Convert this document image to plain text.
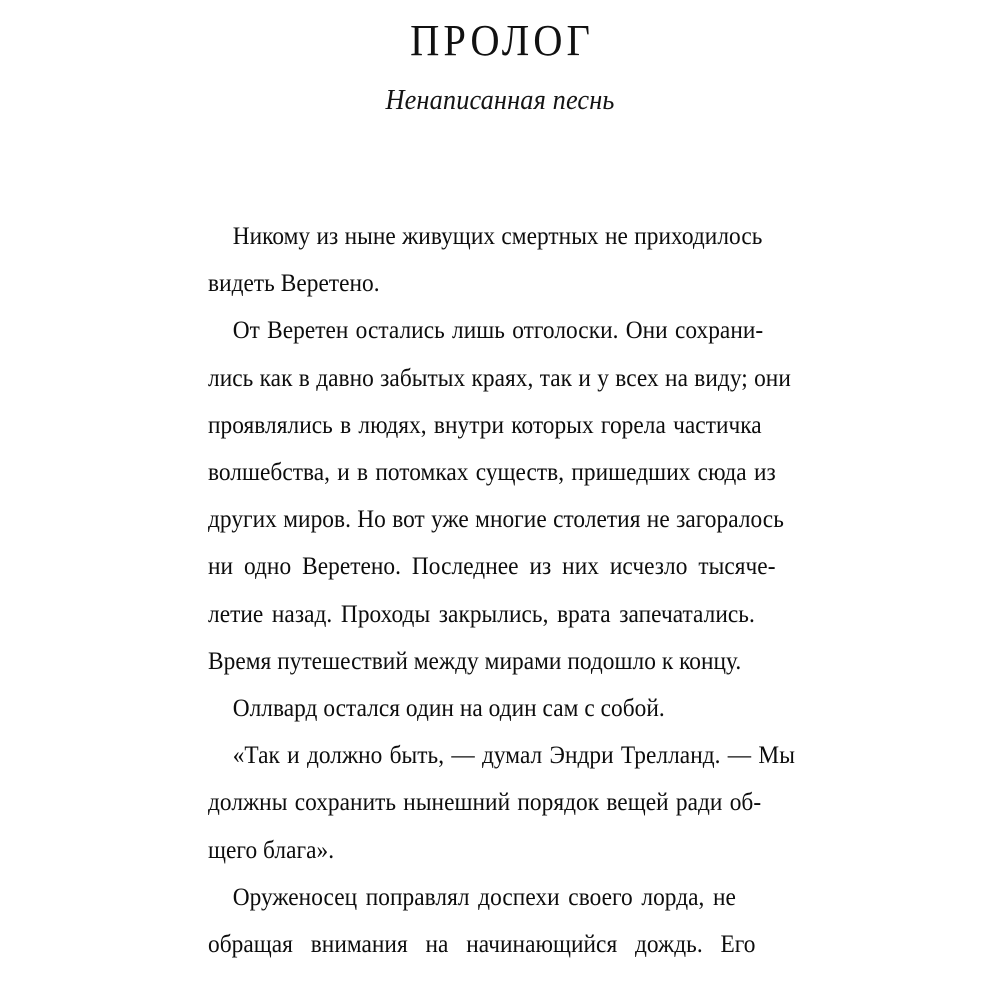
ПРОЛОГ
Ненаписанная песнь
Никому из ныне живущих смертных не приходилось
видеть Веретено.
От Веретен остались лишь отголоски. Они сохрани-
лись как в давно забытых краях, так и у всех на виду; они
проявлялись в людях, внутри которых горела частичка
волшебства, и в потомках существ, пришедших сюда из
других миров. Но вот уже многие столетия не загоралось
ни одно Веретено. Последнее из них исчезло тысяче-
летие назад. Проходы закрылись, врата запечатались.
Время путешествий между мирами подошло к концу.
Оллвард остался один на один сам с собой.
«Так и должно быть, — думал Эндри Трелланд. — Мы
должны сохранить нынешний порядок вещей ради об-
щего блага».
Оруженосец поправлял доспехи своего лорда, не
обращая внимания на начинающийся дождь. Его
